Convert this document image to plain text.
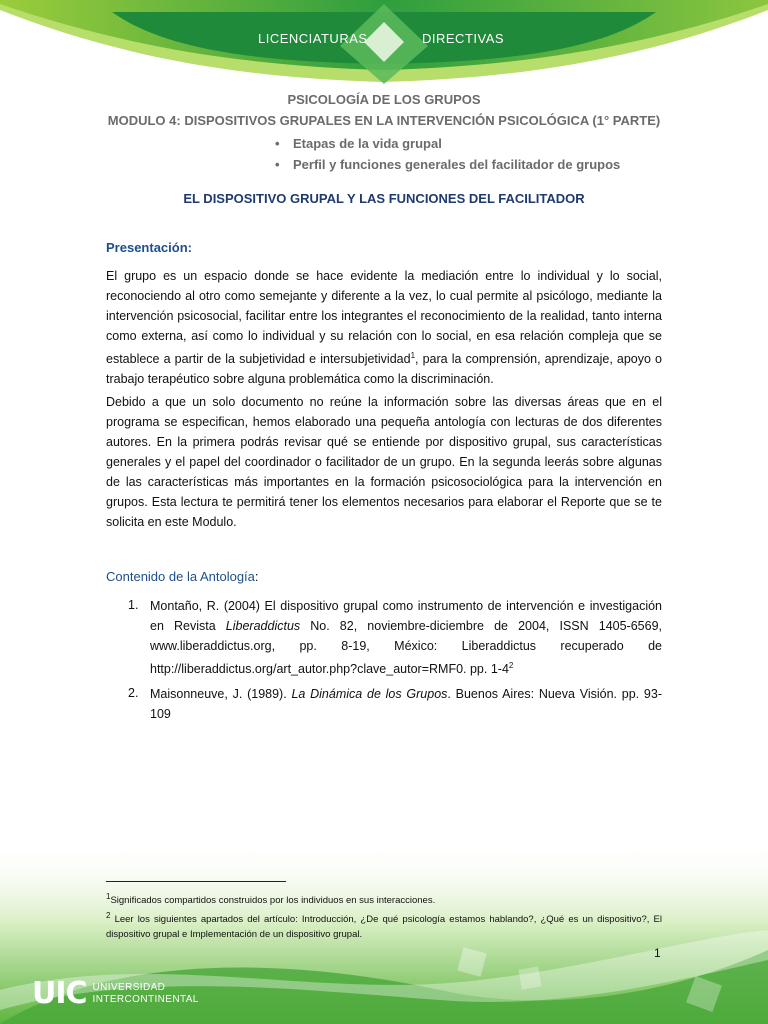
LICENCIATURAS	DIRECTIVAS
PSICOLOGÍA DE LOS GRUPOS
MODULO 4: DISPOSITIVOS GRUPALES EN LA INTERVENCIÓN PSICOLÓGICA (1° PARTE)
• Etapas de la vida grupal
• Perfil y funciones generales del facilitador de grupos
EL DISPOSITIVO GRUPAL Y LAS FUNCIONES DEL FACILITADOR
Presentación:
El grupo es un espacio donde se hace evidente la mediación entre lo individual y lo social, reconociendo al otro como semejante y diferente a la vez, lo cual permite al psicólogo, mediante la intervención psicosocial, facilitar entre los integrantes el reconocimiento de la realidad, tanto interna como externa, así como lo individual y su relación con lo social, en esa relación compleja que se establece a partir de la subjetividad e intersubjetividad$^1$, para la comprensión, aprendizaje, apoyo o trabajo terapéutico sobre alguna problemática como la discriminación.
Debido a que un solo documento no reúne la información sobre las diversas áreas que en el programa se especifican, hemos elaborado una pequeña antología con lecturas de dos diferentes autores. En la primera podrás revisar qué se entiende por dispositivo grupal, sus características generales y el papel del coordinador o facilitador de un grupo. En la segunda leerás sobre algunas de las características más importantes en la formación psicosociológica para la intervención en grupos. Esta lectura te permitirá tener los elementos necesarios para elaborar el Reporte que se te solicita en este Modulo.
Contenido de la Antología:
1. Montaño, R. (2004) El dispositivo grupal como instrumento de intervención e investigación en Revista Liberaddictus No. 82, noviembre-diciembre de 2004, ISSN 1405-6569, www.liberaddictus.org, pp. 8-19, México: Liberaddictus recuperado de http://liberaddictus.org/art_autor.php?clave_autor=RMF0. pp. $1-4^2$
2. Maisonneuve, J. (1989). La Dinámica de los Grupos. Buenos Aires: Nueva Visión. pp. 93-109
$^1$Significados compartidos construidos por los individuos en sus interacciones.
$^2$ Leer los siguientes apartados del artículo: Introducción, ¿De qué psicología estamos hablando?, ¿Qué es un dispositivo?, El dispositivo grupal e Implementación de un dispositivo grupal.
1
UIC UNIVERSIDAD
INTERCONTINENTAL
